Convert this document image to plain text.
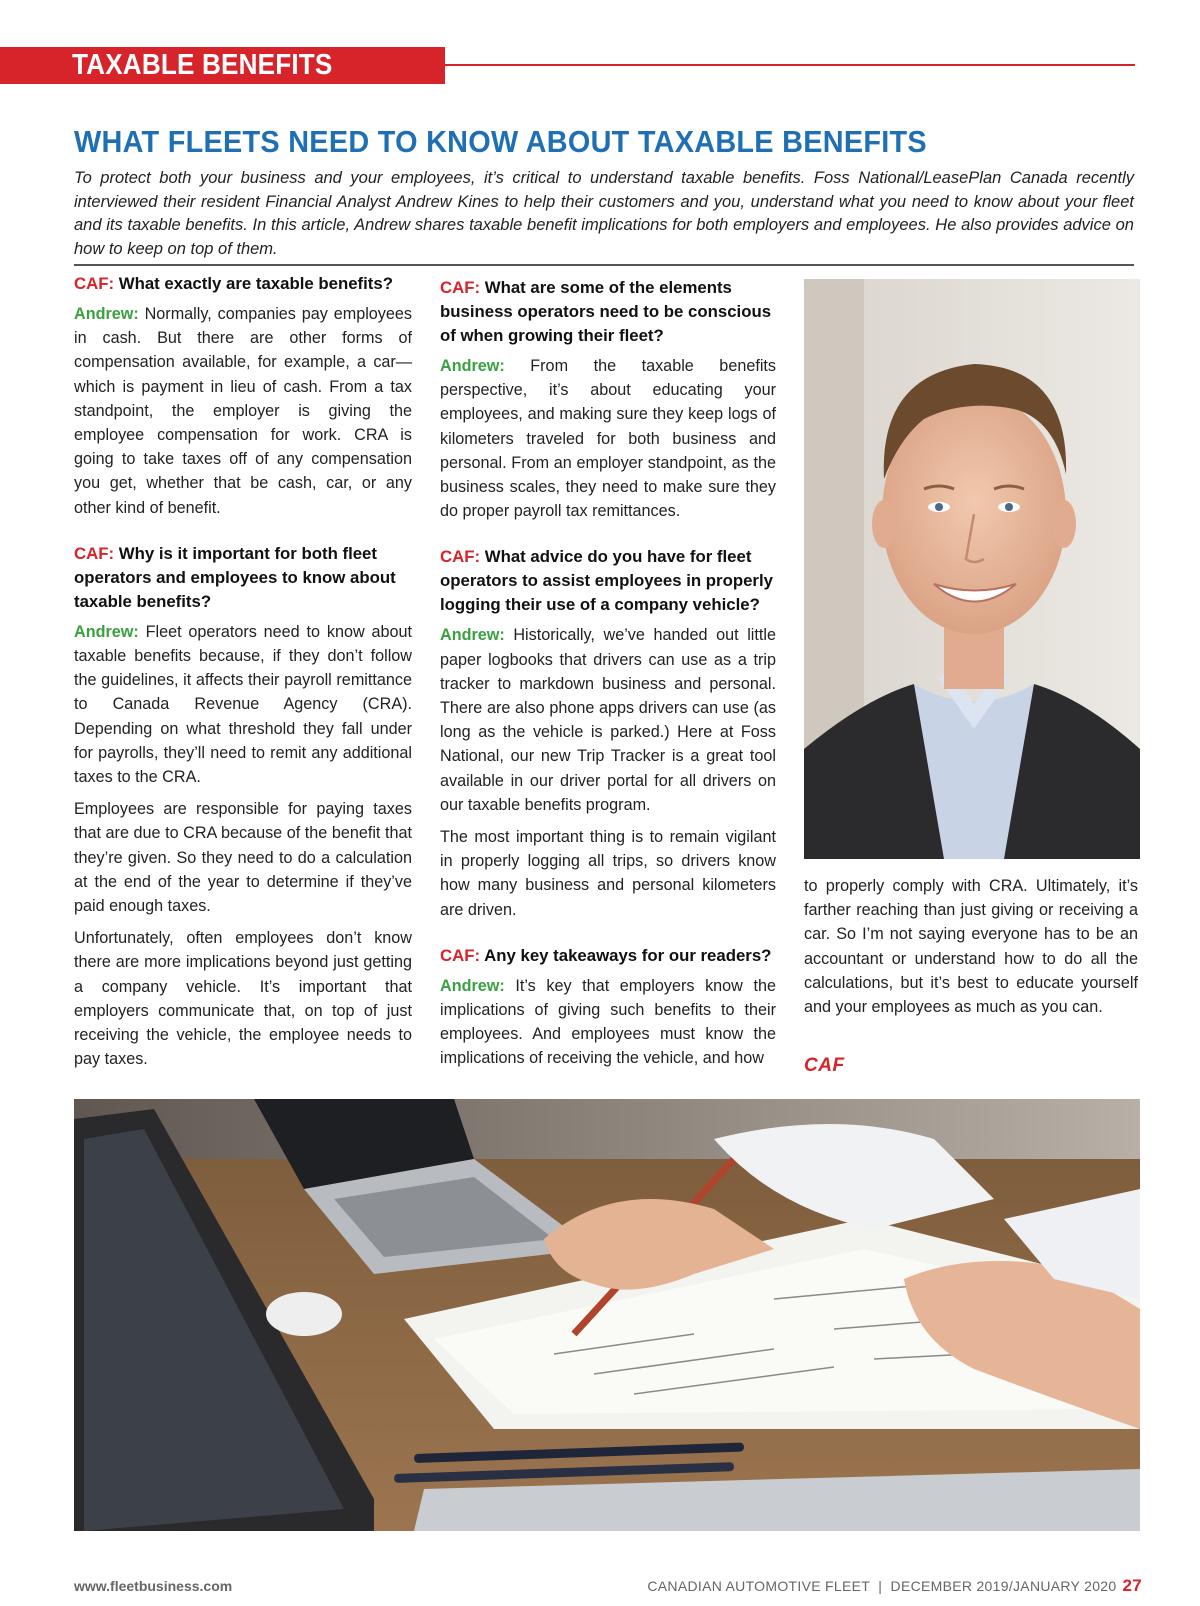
TAXABLE BENEFITS
WHAT FLEETS NEED TO KNOW ABOUT TAXABLE BENEFITS

To protect both your business and your employees, it’s critical to understand taxable benefits. Foss National/LeasePlan Canada recently interviewed their resident Financial Analyst Andrew Kines to help their customers and you, understand what you need to know about your fleet and its taxable benefits. In this article, Andrew shares taxable benefit implications for both employers and employees. He also provides advice on how to keep on top of them.

CAF: What exactly are taxable benefits?

Andrew: Normally, companies pay employees in cash. But there are other forms of compensation available, for example, a car—which is payment in lieu of cash. From a tax standpoint, the employer is giving the employee compensation for work. CRA is going to take taxes off of any compensation you get, whether that be cash, car, or any other kind of benefit.

CAF: Why is it important for both fleet operators and employees to know about taxable benefits?

Andrew: Fleet operators need to know about taxable benefits because, if they don’t follow the guidelines, it affects their payroll remittance to Canada Revenue Agency (CRA). Depending on what threshold they fall under for payrolls, they’ll need to remit any additional taxes to the CRA.

Employees are responsible for paying taxes that are due to CRA because of the benefit that they’re given. So they need to do a calculation at the end of the year to determine if they’ve paid enough taxes.

Unfortunately, often employees don’t know there are more implications beyond just getting a company vehicle. It’s important that employers communicate that, on top of just receiving the vehicle, the employee needs to pay taxes.

CAF: What are some of the elements business operators need to be conscious of when growing their fleet?

Andrew: From the taxable benefits perspective, it’s about educating your employees, and making sure they keep logs of kilometers traveled for both business and personal. From an employer standpoint, as the business scales, they need to make sure they do proper payroll tax remittances.

CAF: What advice do you have for fleet operators to assist employees in properly logging their use of a company vehicle?

Andrew: Historically, we’ve handed out little paper logbooks that drivers can use as a trip tracker to markdown business and personal. There are also phone apps drivers can use (as long as the vehicle is parked.) Here at Foss National, our new Trip Tracker is a great tool available in our driver portal for all drivers on our taxable benefits program.

The most important thing is to remain vigilant in properly logging all trips, so drivers know how many business and personal kilometers are driven.

CAF: Any key takeaways for our readers?

Andrew: It’s key that employers know the implications of giving such benefits to their employees. And employees must know the implications of receiving the vehicle, and how

to properly comply with CRA. Ultimately, it’s farther reaching than just giving or receiving a car. So I’m not saying everyone has to be an accountant or understand how to do all the calculations, but it’s best to educate yourself and your employees as much as you can.

CAF
www.fleetbusiness.com	CANADIAN AUTOMOTIVE FLEET  |  DECEMBER 2019/JANUARY 2020 27
